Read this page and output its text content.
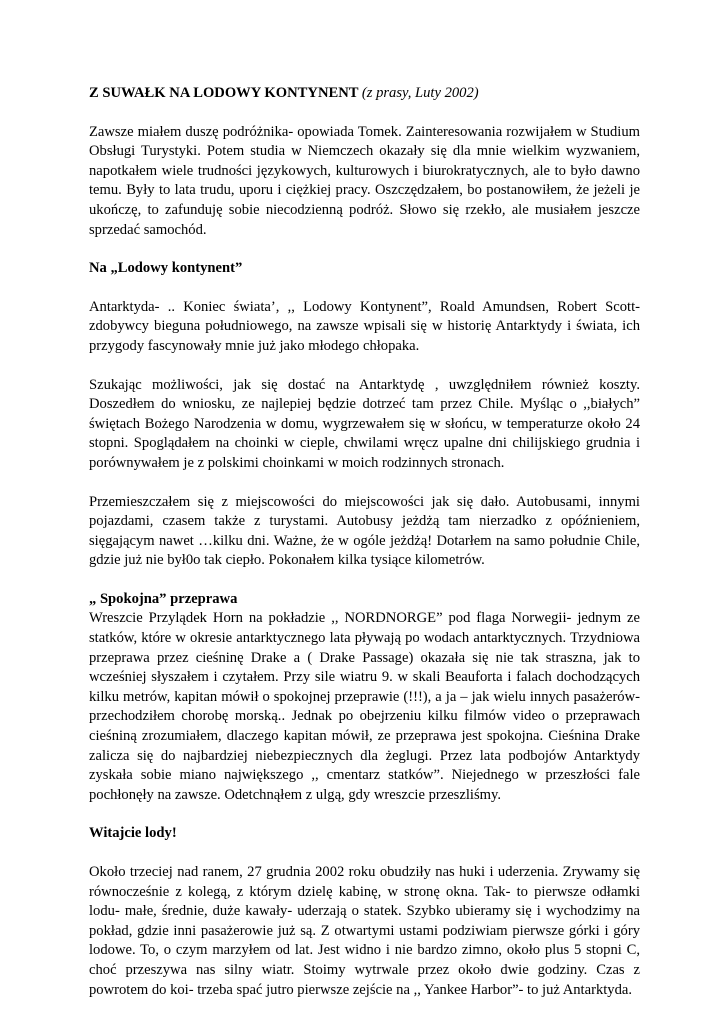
Z SUWAŁK NA LODOWY KONTYNENT (z prasy, Luty 2002)
Zawsze miałem duszę podróżnika- opowiada Tomek. Zainteresowania rozwijałem w Studium
Obsługi Turystyki. Potem studia w Niemczech okazały się dla mnie wielkim wyzwaniem,
napotkałem wiele trudności językowych, kulturowych i biurokratycznych, ale to było dawno
temu. Były to lata trudu, uporu i ciężkiej pracy. Oszczędzałem, bo postanowiłem, że jeżeli je
ukończę, to zafunduję sobie niecodzienną podróż. Słowo się rzekło, ale musiałem jeszcze
sprzedać samochód.
Na „Lodowy kontynent”
Antarktyda- .. Koniec świata’, ,, Lodowy Kontynent”, Roald Amundsen, Robert Scott-
zdobywcy bieguna południowego, na zawsze wpisali się w historię Antarktydy i świata, ich
przygody fascynowały mnie już jako młodego chłopaka.
Szukając możliwości, jak się dostać na Antarktydę , uwzględniłem również koszty.
Doszedłem do wniosku, ze najlepiej będzie dotrzeć tam przez Chile. Myśląc o ,,białych”
świętach Bożego Narodzenia w domu, wygrzewałem się w słońcu, w temperaturze około 24
stopni. Spoglądałem na choinki w cieple, chwilami wręcz upalne dni chilijskiego grudnia i
porównywałem je z polskimi choinkami w moich rodzinnych stronach.
Przemieszczałem się z miejscowości do miejscowości jak się dało. Autobusami, innymi
pojazdami, czasem także z turystami. Autobusy jeżdżą tam nierzadko z opóźnieniem,
sięgającym nawet …kilku dni. Ważne, że w ogóle jeżdżą! Dotarłem na samo południe Chile,
gdzie już nie był0o tak ciepło. Pokonałem kilka tysiące kilometrów.
„ Spokojna” przeprawa
Wreszcie Przylądek Horn na pokładzie ,, NORDNORGE” pod flaga Norwegii- jednym ze
statków, które w okresie antarktycznego lata pływają po wodach antarktycznych. Trzydniowa
przeprawa przez cieśninę Drake a ( Drake Passage) okazała się nie tak straszna, jak to
wcześniej słyszałem i czytałem. Przy sile wiatru 9. w skali Beauforta i falach dochodzących
kilku metrów, kapitan mówił o spokojnej przeprawie (!!!), a ja – jak wielu innych pasażerów-
przechodziłem chorobę morską.. Jednak po obejrzeniu kilku filmów video o przeprawach
cieśniną zrozumiałem, dlaczego kapitan mówił, ze przeprawa jest spokojna. Cieśnina Drake
zalicza się do najbardziej niebezpiecznych dla żeglugi. Przez lata podbojów Antarktydy
zyskała sobie miano największego ,, cmentarz statków”. Niejednego w przeszłości fale
pochłonęły na zawsze. Odetchnąłem z ulgą, gdy wreszcie przeszliśmy.
Witajcie lody!
Około trzeciej nad ranem, 27 grudnia 2002 roku obudziły nas huki i uderzenia. Zrywamy się
równocześnie z kolegą, z którym dzielę kabinę, w stronę okna. Tak- to pierwsze odłamki
lodu- małe, średnie, duże kawały- uderzają o statek. Szybko ubieramy się i wychodzimy na
pokład, gdzie inni pasażerowie już są. Z otwartymi ustami podziwiam pierwsze górki i góry
lodowe. To, o czym marzyłem od lat. Jest widno i nie bardzo zimno, około plus 5 stopni C,
choć przeszywa nas silny wiatr. Stoimy wytrwale przez około dwie godziny. Czas z
powrotem do koi- trzeba spać jutro pierwsze zejście na ,, Yankee Harbor”- to już Antarktyda.
